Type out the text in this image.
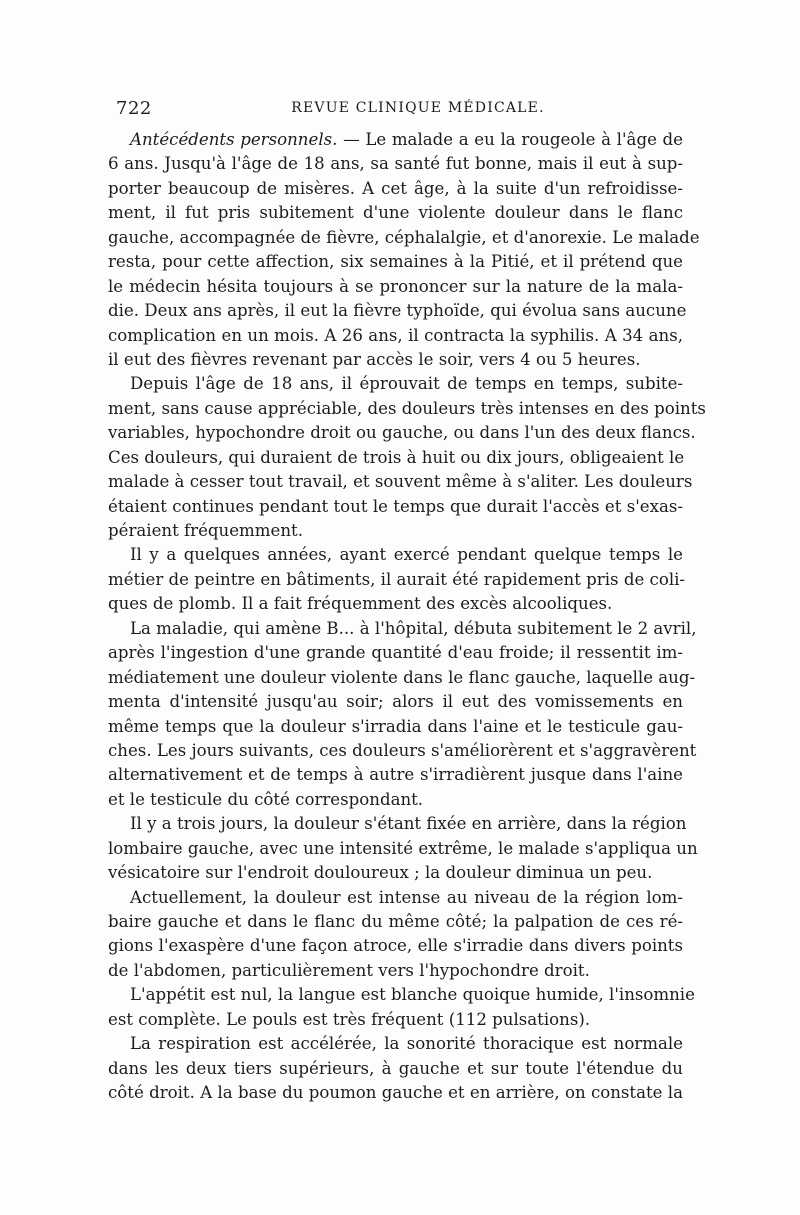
722	REVUE CLINIQUE MÉDICALE.
Antécédents personnels. — Le malade a eu la rougeole à l'âge de
6 ans. Jusqu'à l'âge de 18 ans, sa santé fut bonne, mais il eut à sup-
porter beaucoup de misères. A cet âge, à la suite d'un refroidisse-
ment, il fut pris subitement d'une violente douleur dans le flanc
gauche, accompagnée de fièvre, céphalalgie, et d'anorexie. Le malade
resta, pour cette affection, six semaines à la Pitié, et il prétend que
le médecin hésita toujours à se prononcer sur la nature de la mala-
die. Deux ans après, il eut la fièvre typhoïde, qui évolua sans aucune
complication en un mois. A 26 ans, il contracta la syphilis. A 34 ans,
il eut des fièvres revenant par accès le soir, vers 4 ou 5 heures.
Depuis l'âge de 18 ans, il éprouvait de temps en temps, subite-
ment, sans cause appréciable, des douleurs très intenses en des points
variables, hypochondre droit ou gauche, ou dans l'un des deux flancs.
Ces douleurs, qui duraient de trois à huit ou dix jours, obligeaient le
malade à cesser tout travail, et souvent même à s'aliter. Les douleurs
étaient continues pendant tout le temps que durait l'accès et s'exas-
péraient fréquemment.
Il y a quelques années, ayant exercé pendant quelque temps le
métier de peintre en bâtiments, il aurait été rapidement pris de coli-
ques de plomb. Il a fait fréquemment des excès alcooliques.
La maladie, qui amène B... à l'hôpital, débuta subitement le 2 avril,
après l'ingestion d'une grande quantité d'eau froide; il ressentit im-
médiatement une douleur violente dans le flanc gauche, laquelle aug-
menta d'intensité jusqu'au soir; alors il eut des vomissements en
même temps que la douleur s'irradia dans l'aine et le testicule gau-
ches. Les jours suivants, ces douleurs s'améliorèrent et s'aggravèrent
alternativement et de temps à autre s'irradièrent jusque dans l'aine
et le testicule du côté correspondant.
Il y a trois jours, la douleur s'étant fixée en arrière, dans la région
lombaire gauche, avec une intensité extrême, le malade s'appliqua un
vésicatoire sur l'endroit douloureux ; la douleur diminua un peu.
Actuellement, la douleur est intense au niveau de la région lom-
baire gauche et dans le flanc du même côté; la palpation de ces ré-
gions l'exaspère d'une façon atroce, elle s'irradie dans divers points
de l'abdomen, particulièrement vers l'hypochondre droit.
L'appétit est nul, la langue est blanche quoique humide, l'insomnie
est complète. Le pouls est très fréquent (112 pulsations).
La respiration est accélérée, la sonorité thoracique est normale
dans les deux tiers supérieurs, à gauche et sur toute l'étendue du
côté droit. A la base du poumon gauche et en arrière, on constate la
